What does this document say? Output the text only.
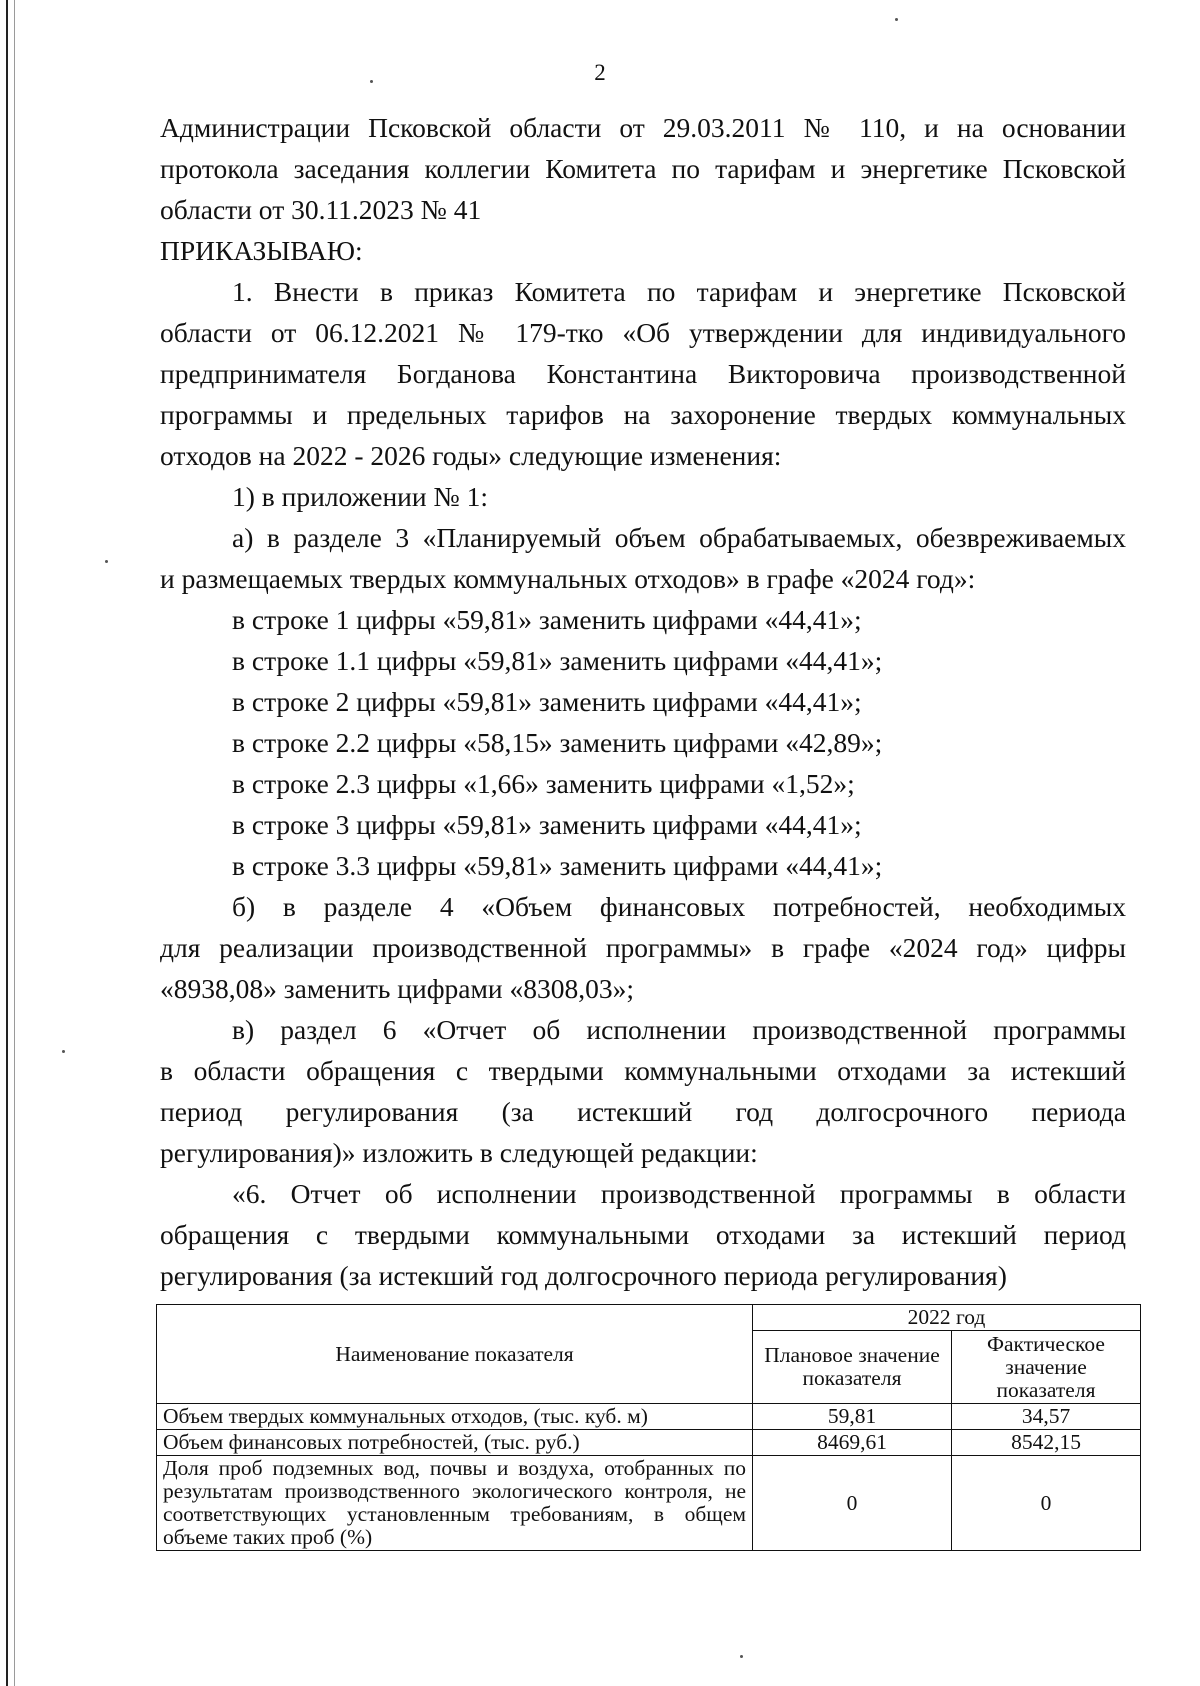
2
Администрации Псковской области от 29.03.2011 № 110, и на основании
протокола заседания коллегии Комитета по тарифам и энергетике Псковской
области от 30.11.2023 № 41
ПРИКАЗЫВАЮ:
1. Внести в приказ Комитета по тарифам и энергетике Псковской
области от 06.12.2021 № 179-тко «Об утверждении для индивидуального
предпринимателя Богданова Константина Викторовича производственной
программы и предельных тарифов на захоронение твердых коммунальных
отходов на 2022 - 2026 годы» следующие изменения:
1) в приложении № 1:
а) в разделе 3 «Планируемый объем обрабатываемых, обезвреживаемых
и размещаемых твердых коммунальных отходов» в графе «2024 год»:
в строке 1 цифры «59,81» заменить цифрами «44,41»;
в строке 1.1 цифры «59,81» заменить цифрами «44,41»;
в строке 2 цифры «59,81» заменить цифрами «44,41»;
в строке 2.2 цифры «58,15» заменить цифрами «42,89»;
в строке 2.3 цифры «1,66» заменить цифрами «1,52»;
в строке 3 цифры «59,81» заменить цифрами «44,41»;
в строке 3.3 цифры «59,81» заменить цифрами «44,41»;
б) в разделе 4 «Объем финансовых потребностей, необходимых
для реализации производственной программы» в графе «2024 год» цифры
«8938,08» заменить цифрами «8308,03»;
в) раздел 6 «Отчет об исполнении производственной программы
в области обращения с твердыми коммунальными отходами за истекший
период регулирования (за истекший год долгосрочного периода
регулирования)» изложить в следующей редакции:
«6. Отчет об исполнении производственной программы в области
обращения с твердыми коммунальными отходами за истекший период
регулирования (за истекший год долгосрочного периода регулирования)
Наименование показателя	2022 год	
	Плановое значение показателя	Фактическое значение показателя
Объем твердых коммунальных отходов, (тыс. куб. м)	59,81	34,57
Объем финансовых потребностей, (тыс. руб.)	8469,61	8542,15
Доля проб подземных вод, почвы и воздуха, отобранных по результатам производственного экологического контроля, не соответствующих установленным требованиям, в общем объеме таких проб (%)	0	0
